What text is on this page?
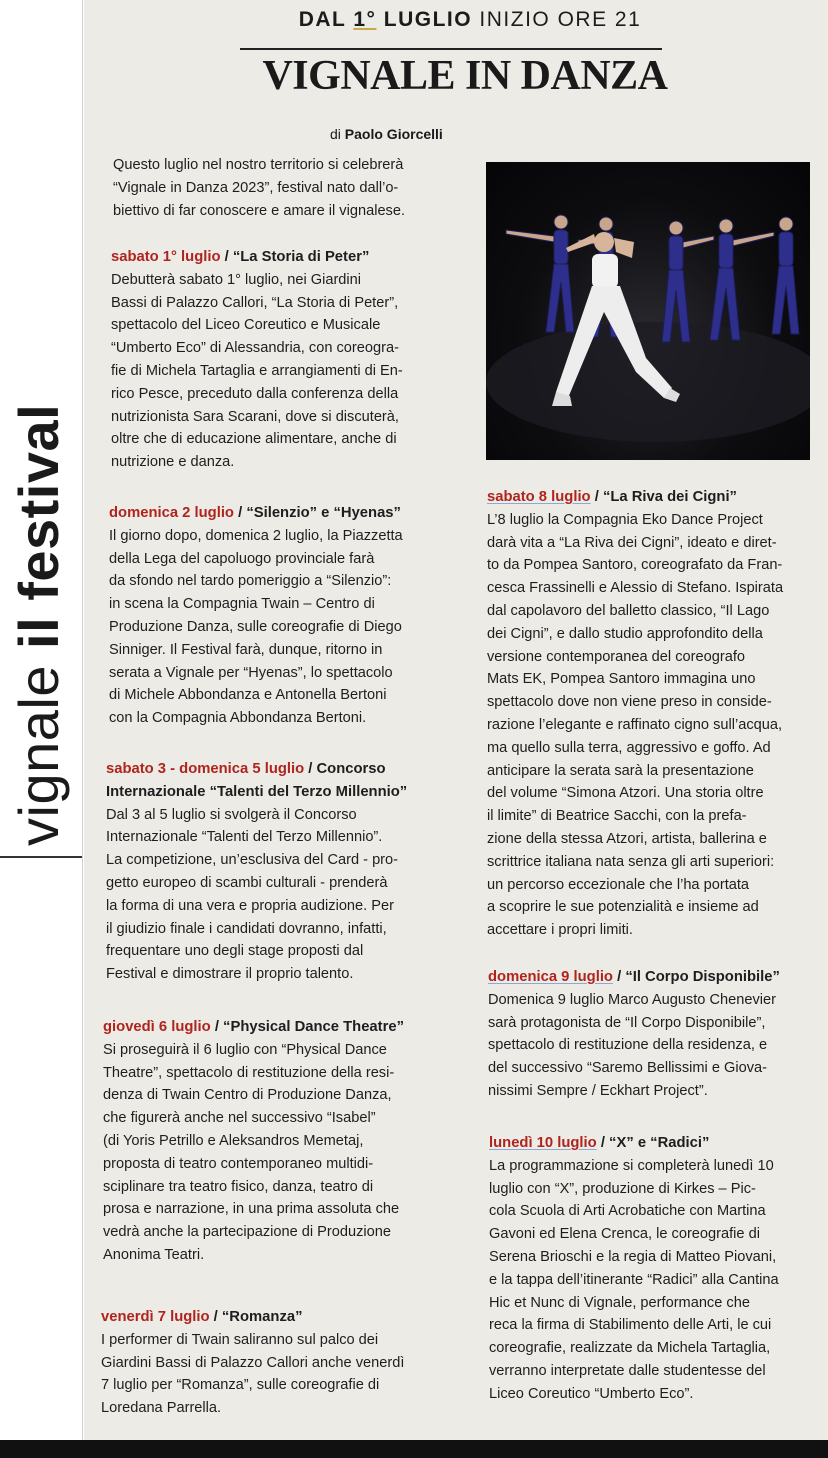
vignale il festival
DAL 1° LUGLIO INIZIO ORE 21
VIGNALE IN DANZA
di Paolo Giorcelli

Questo luglio nel nostro territorio si celebrerà

“Vignale in Danza 2023”, festival nato dall’o-

biettivo di far conoscere e amare il vignalese.

sabato 1° luglio / “La Storia di Peter”

Debutterà sabato 1° luglio, nei Giardini

Bassi di Palazzo Callori, “La Storia di Peter”,

spettacolo del Liceo Coreutico e Musicale

“Umberto Eco” di Alessandria, con coreogra-

fie di Michela Tartaglia e arrangiamenti di En-

rico Pesce, preceduto dalla conferenza della

nutrizionista Sara Scarani, dove si discuterà,

oltre che di educazione alimentare, anche di

nutrizione e danza.

domenica 2 luglio / “Silenzio” e “Hyenas”

Il giorno dopo, domenica 2 luglio, la Piazzetta

della Lega del capoluogo provinciale farà

da sfondo nel tardo pomeriggio a “Silenzio”:

in scena la Compagnia Twain – Centro di

Produzione Danza, sulle coreografie di Diego

Sinniger. Il Festival farà, dunque, ritorno in

serata a Vignale per “Hyenas”, lo spettacolo

di Michele Abbondanza e Antonella Bertoni

con la Compagnia Abbondanza Bertoni.

sabato 3 - domenica 5 luglio / Concorso

Internazionale “Talenti del Terzo Millennio”

Dal 3 al 5 luglio si svolgerà il Concorso

Internazionale “Talenti del Terzo Millennio”.

La competizione, un’esclusiva del Card - pro-

getto europeo di scambi culturali - prenderà

la forma di una vera e propria audizione. Per

il giudizio finale i candidati dovranno, infatti,

frequentare uno degli stage proposti dal

Festival e dimostrare il proprio talento.

giovedì 6 luglio / “Physical Dance Theatre”

Si proseguirà il 6 luglio con “Physical Dance

Theatre”, spettacolo di restituzione della resi-

denza di Twain Centro di Produzione Danza,

che figurerà anche nel successivo “Isabel”

(di Yoris Petrillo e Aleksandros Memetaj,

proposta di teatro contemporaneo multidi-

sciplinare tra teatro fisico, danza, teatro di

prosa e narrazione, in una prima assoluta che

vedrà anche la partecipazione di Produzione

Anonima Teatri.

venerdì 7 luglio / “Romanza”

I performer di Twain saliranno sul palco dei

Giardini Bassi di Palazzo Callori anche venerdì

7 luglio per “Romanza”, sulle coreografie di

Loredana Parrella.

sabato 8 luglio / “La Riva dei Cigni”

L’8 luglio la Compagnia Eko Dance Project

darà vita a “La Riva dei Cigni”, ideato e diret-

to da Pompea Santoro, coreografato da Fran-

cesca Frassinelli e Alessio di Stefano. Ispirata

dal capolavoro del balletto classico, “Il Lago

dei Cigni”, e dallo studio approfondito della

versione contemporanea del coreografo

Mats EK, Pompea Santoro immagina uno

spettacolo dove non viene preso in conside-

razione l’elegante e raffinato cigno sull’acqua,

ma quello sulla terra, aggressivo e goffo. Ad

anticipare la serata sarà la presentazione

del volume “Simona Atzori. Una storia oltre

il limite” di Beatrice Sacchi, con la prefa-

zione della stessa Atzori, artista, ballerina e

scrittrice italiana nata senza gli arti superiori:

un percorso eccezionale che l’ha portata

a scoprire le sue potenzialità e insieme ad

accettare i propri limiti.

domenica 9 luglio / “Il Corpo Disponibile”

Domenica 9 luglio Marco Augusto Chenevier

sarà protagonista de “Il Corpo Disponibile”,

spettacolo di restituzione della residenza, e

del successivo “Saremo Bellissimi e Giova-

nissimi Sempre / Eckhart Project”.

lunedì 10 luglio / “X” e “Radici”

La programmazione si completerà lunedì 10

luglio con “X”, produzione di Kirkes – Pic-

cola Scuola di Arti Acrobatiche con Martina

Gavoni ed Elena Crenca, le coreografie di

Serena Brioschi e la regia di Matteo Piovani,

e la tappa dell’itinerante “Radici” alla Cantina

Hic et Nunc di Vignale, performance che

reca la firma di Stabilimento delle Arti, le cui

coreografie, realizzate da Michela Tartaglia,

verranno interpretate dalle studentesse del

Liceo Coreutico “Umberto Eco”.
